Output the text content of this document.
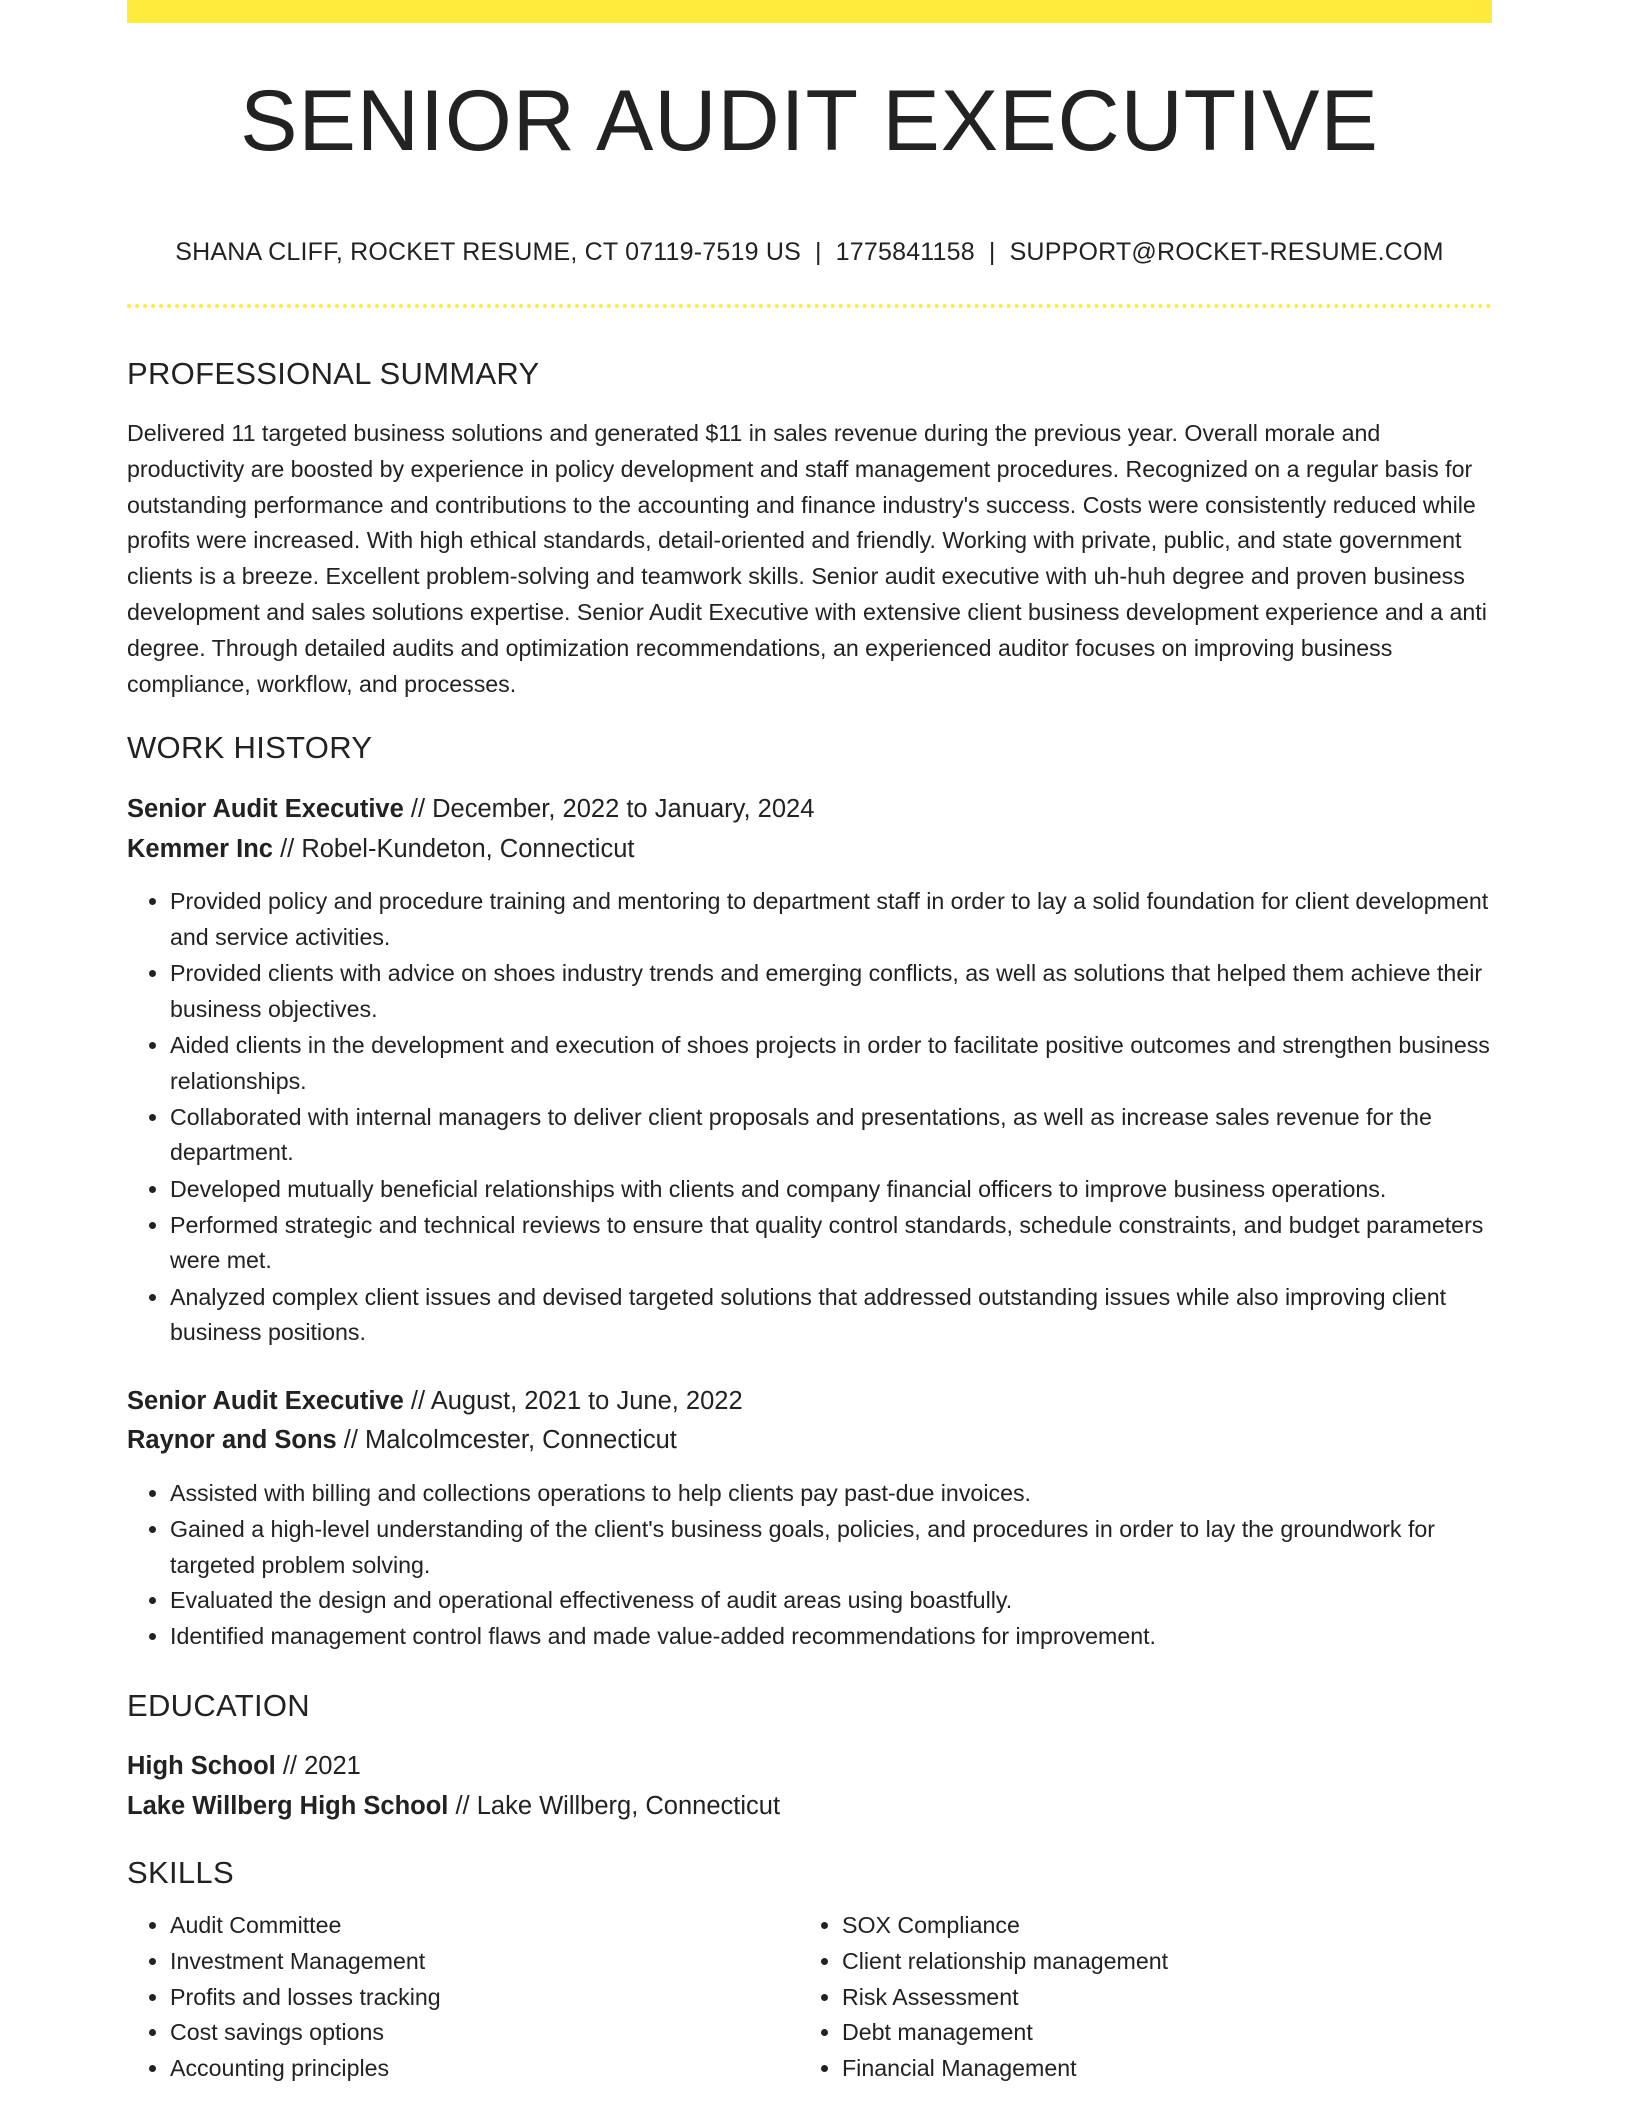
SENIOR AUDIT EXECUTIVE
SHANA CLIFF, ROCKET RESUME, CT 07119-7519 US | 1775841158 | SUPPORT@ROCKET-RESUME.COM
PROFESSIONAL SUMMARY

Delivered 11 targeted business solutions and generated $11 in sales revenue during the previous year. Overall morale and productivity are boosted by experience in policy development and staff management procedures. Recognized on a regular basis for outstanding performance and contributions to the accounting and finance industry's success. Costs were consistently reduced while profits were increased. With high ethical standards, detail-oriented and friendly. Working with private, public, and state government clients is a breeze. Excellent problem-solving and teamwork skills. Senior audit executive with uh-huh degree and proven business development and sales solutions expertise. Senior Audit Executive with extensive client business development experience and a anti degree. Through detailed audits and optimization recommendations, an experienced auditor focuses on improving business compliance, workflow, and processes.

WORK HISTORY
Senior Audit Executive // December, 2022 to January, 2024
Kemmer Inc // Robel-Kundeton, Connecticut
• Provided policy and procedure training and mentoring to department staff in order to lay a solid foundation for client development and service activities.
• Provided clients with advice on shoes industry trends and emerging conflicts, as well as solutions that helped them achieve their business objectives.
• Aided clients in the development and execution of shoes projects in order to facilitate positive outcomes and strengthen business relationships.
• Collaborated with internal managers to deliver client proposals and presentations, as well as increase sales revenue for the department.
• Developed mutually beneficial relationships with clients and company financial officers to improve business operations.
• Performed strategic and technical reviews to ensure that quality control standards, schedule constraints, and budget parameters were met.
• Analyzed complex client issues and devised targeted solutions that addressed outstanding issues while also improving client business positions.
Senior Audit Executive // August, 2021 to June, 2022
Raynor and Sons // Malcolmcester, Connecticut
• Assisted with billing and collections operations to help clients pay past-due invoices.
• Gained a high-level understanding of the client's business goals, policies, and procedures in order to lay the groundwork for targeted problem solving.
• Evaluated the design and operational effectiveness of audit areas using boastfully.
• Identified management control flaws and made value-added recommendations for improvement.
EDUCATION
High School // 2021
Lake Willberg High School // Lake Willberg, Connecticut
SKILLS
• Audit Committee
• Investment Management
• Profits and losses tracking
• Cost savings options
• Accounting principles
• SOX Compliance
• Client relationship management
• Risk Assessment
• Debt management
• Financial Management
